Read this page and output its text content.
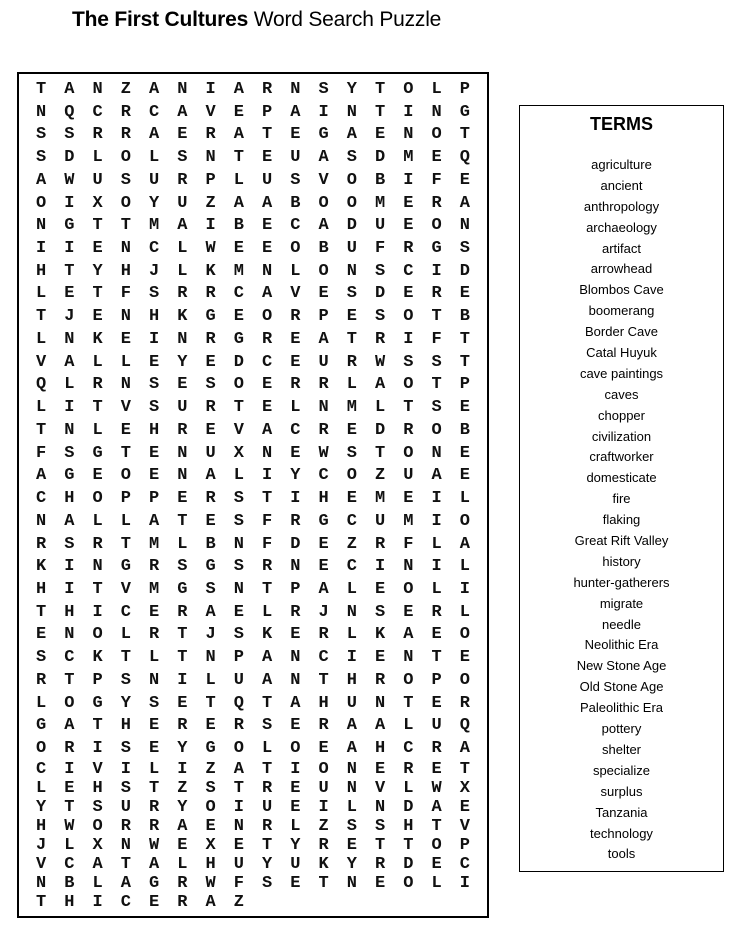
The First Cultures Word Search Puzzle
T	A	N	Z	A	N	I	A	R	N	S	Y	T	O	L	P
N	Q	C	R	C	A	V	E	P	A	I	N	T	I	N	G
S	S	R	R	A	E	R	A	T	E	G	A	E	N	O	T
S	D	L	O	L	S	N	T	E	U	A	S	D	M	E	Q
A	W	U	S	U	R	P	L	U	S	V	O	B	I	F	E
O	I	X	O	Y	U	Z	A	A	B	O	O	M	E	R	A
N	G	T	T	M	A	I	B	E	C	A	D	U	E	O	N
I	I	E	N	C	L	W	E	E	O	B	U	F	R	G	S
H	T	Y	H	J	L	K	M	N	L	O	N	S	C	I	D
L	E	T	F	S	R	R	C	A	V	E	S	D	E	R	E
T	J	E	N	H	K	G	E	O	R	P	E	S	O	T	B
L	N	K	E	I	N	R	G	R	E	A	T	R	I	F	T
V	A	L	L	E	Y	E	D	C	E	U	R	W	S	S	T
Q	L	R	N	S	E	S	O	E	R	R	L	A	O	T	P
L	I	T	V	S	U	R	T	E	L	N	M	L	T	S	E
T	N	L	E	H	R	E	V	A	C	R	E	D	R	O	B
F	S	G	T	E	N	U	X	N	E	W	S	T	O	N	E
A	G	E	O	E	N	A	L	I	Y	C	O	Z	U	A	E
C	H	O	P	P	E	R	S	T	I	H	E	M	E	I	L
N	A	L	L	A	T	E	S	F	R	G	C	U	M	I	O
R	S	R	T	M	L	B	N	F	D	E	Z	R	F	L	A
K	I	N	G	R	S	G	S	R	N	E	C	I	N	I	L
H	I	T	V	M	G	S	N	T	P	A	L	E	O	L	I
T	H	I	C	E	R	A	E	L	R	J	N	S	E	R	L
E	N	O	L	R	T	J	S	K	E	R	L	K	A	E	O
S	C	K	T	L	T	N	P	A	N	C	I	E	N	T	E
R	T	P	S	N	I	L	U	A	N	T	H	R	O	P	O
L	O	G	Y	S	E	T	Q	T	A	H	U	N	T	E	R
G	A	T	H	E	R	E	R	S	E	R	A	A	L	U	Q
O	R	I	S	E	Y	G	O	L	O	E	A	H	C	R	A
C	I	V	I	L	I	Z	A	T	I	O	N	E	R	E	T
L	E	H	S	T	Z	S	T	R	E	U	N	V	L	W	X
Y	T	S	U	R	Y	O	I	U	E	I	L	N	D	A	E
H	W	O	R	R	A	E	N	R	L	Z	S	S	H	T	V
J	L	X	N	W	E	X	E	T	Y	R	E	T	T	O	P
V	C	A	T	A	L	H	U	Y	U	K	Y	R	D	E	C
N	B	L	A	G	R	W	F	S	E	T	N	E	O	L	I
T	H	I	C	E	R	A	Z
TERMS
agriculture
ancient
anthropology
archaeology
artifact
arrowhead
Blombos Cave
boomerang
Border Cave
Catal Huyuk
cave paintings
caves
chopper
civilization
craftworker
domesticate
fire
flaking
Great Rift Valley
history
hunter-gatherers
migrate
needle
Neolithic Era
New Stone Age
Old Stone Age
Paleolithic Era
pottery
shelter
specialize
surplus
Tanzania
technology
tools
